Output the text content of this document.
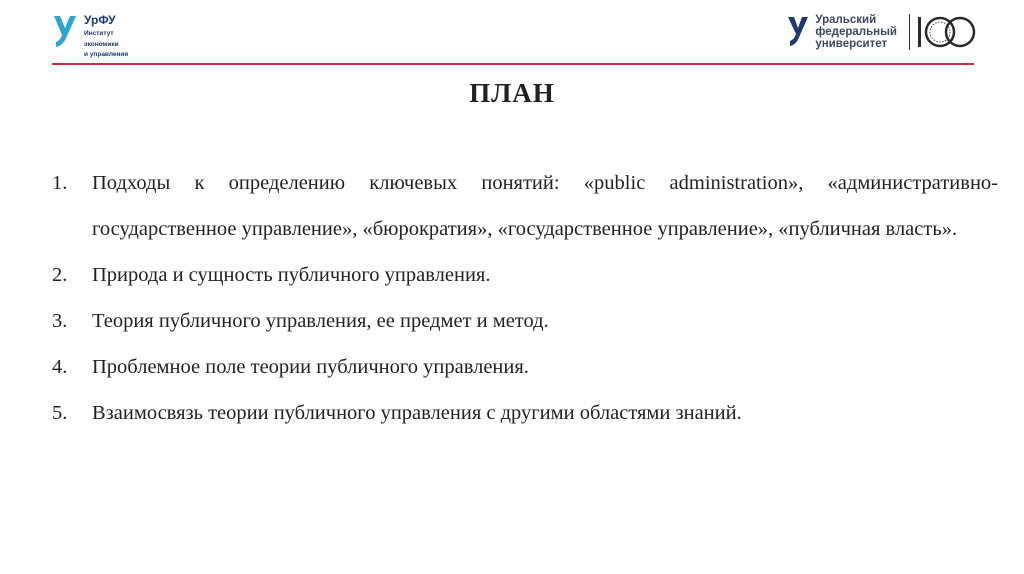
УрФУ
Институт
экономики
и управления
Уральский
федеральный
университет
ПЛАН
1.	Подходы к определению ключевых понятий: «public administration», «административно-государственное управление», «бюрократия», «государственное управление», «публичная власть».
2.	Природа и сущность публичного управления.
3.	Теория публичного управления, ее предмет и метод.
4.	Проблемное поле теории публичного управления.
5.	Взаимосвязь теории публичного управления с другими областями знаний.
